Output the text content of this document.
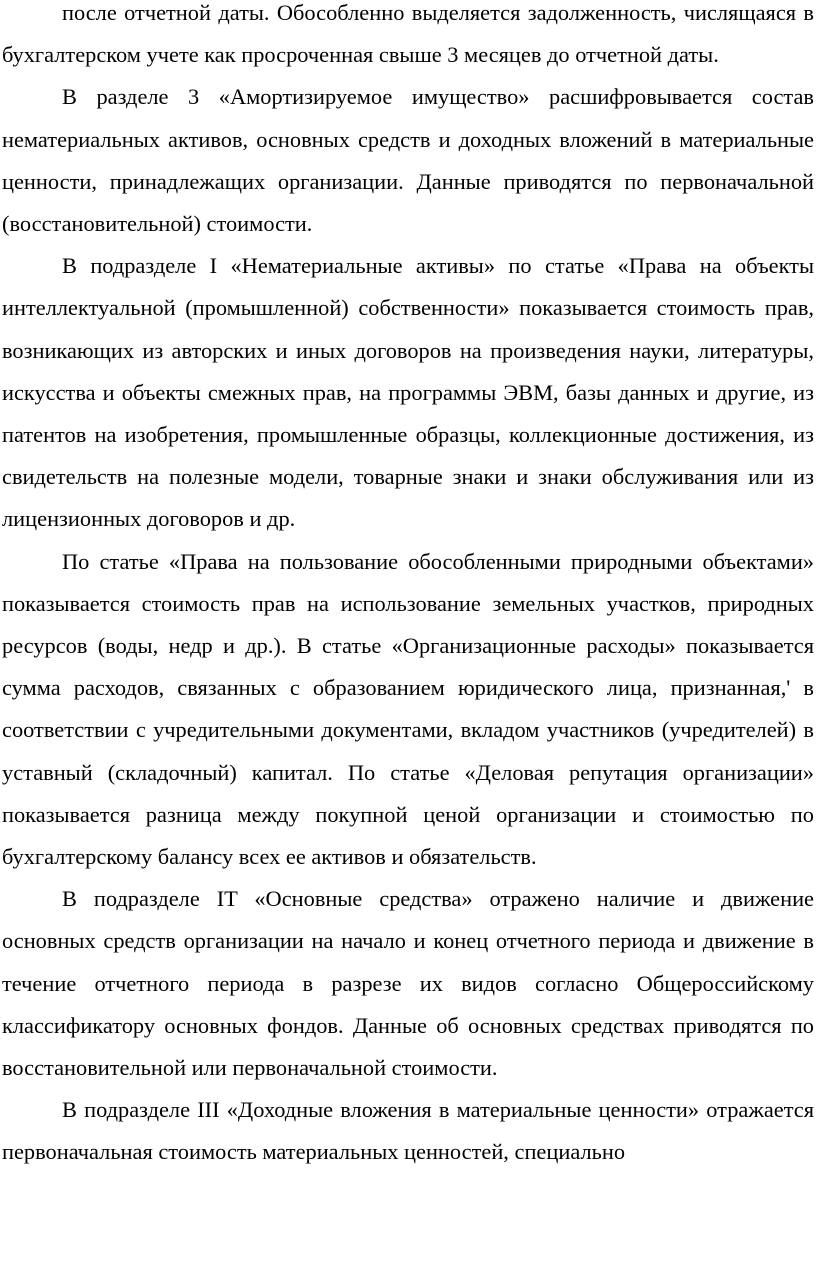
после отчетной даты. Обособленно выделяется задолженность, числящаяся в бухгалтерском учете как просроченная свыше 3 месяцев до отчетной даты.

В разделе 3 «Амортизируемое имущество» расшифровывается состав нематериальных активов, основных средств и доходных вложений в материальные ценности, принадлежащих организации. Данные приводятся по первоначальной (восстановительной) стоимости.

В подразделе I «Нематериальные активы» по статье «Права на объекты интеллектуальной (промышленной) собственности» показывается стоимость прав, возникающих из авторских и иных договоров на произведения науки, литературы, искусства и объекты смежных прав, на программы ЭВМ, базы данных и другие, из патентов на изобретения, промышленные образцы, коллекционные достижения, из свидетельств на полезные модели, товарные знаки и знаки обслуживания или из лицензионных договоров и др.

По статье «Права на пользование обособленными природными объектами» показывается стоимость прав на использование земельных участков, природных ресурсов (воды, недр и др.). В статье «Организационные расходы» показывается сумма расходов, связанных с образованием юридического лица, признанная,' в соответствии с учредительными документами, вкладом участников (учредителей) в уставный (складочный) капитал. По статье «Деловая репутация организации» показывается разница между покупной ценой организации и стоимостью по бухгалтерскому балансу всех ее активов и обязательств.

В подразделе IT «Основные средства» отражено наличие и движение основных средств организации на начало и конец отчетного периода и движение в течение отчетного периода в разрезе их видов согласно Общероссийскому классификатору основных фондов. Данные об основных средствах приводятся по восстановительной или первоначальной стоимости.

В подразделе III «Доходные вложения в материальные ценности» отражается первоначальная стоимость материальных ценностей, специально
